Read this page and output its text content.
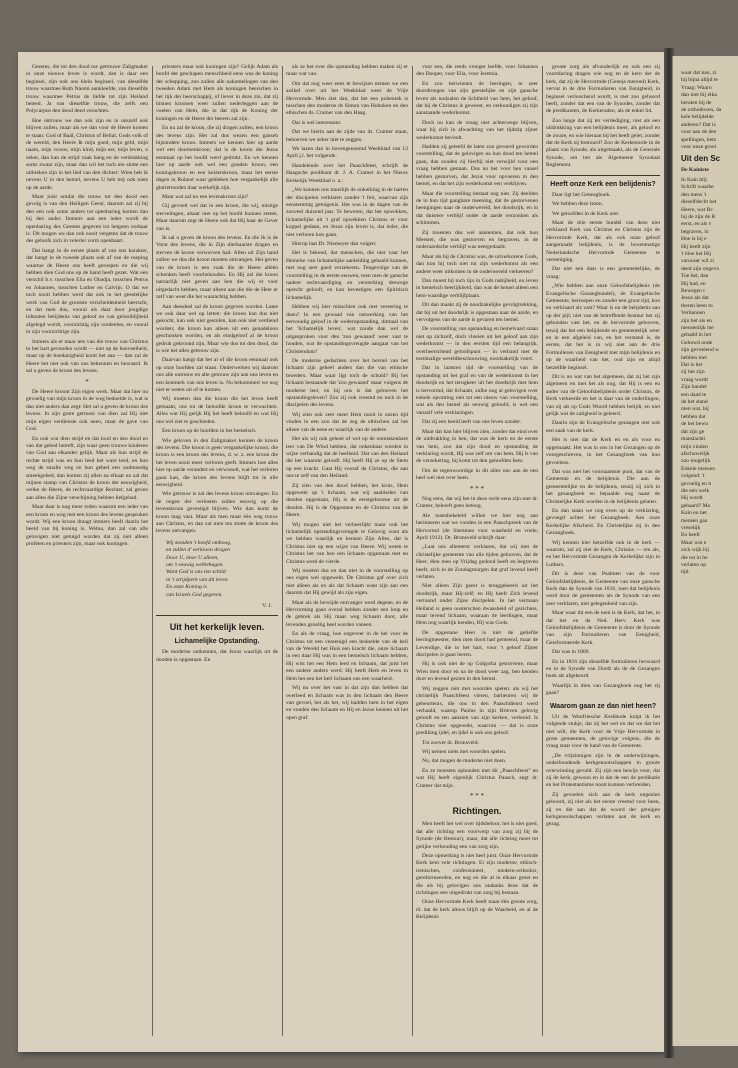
Geestes, die tot den dood toe getrouwe Zaligmaker in onze nieuwe leven is wordt, dan is daar een beginsel, zijn ook ons klein beginsel, van dieselfde trouw waarmee Ruth Naomi aankleefde, van dieselfde trouw waarmee Petrus de liefde tot zijn Heiland beleed. Ja van dieselfde trouw, die zelfs een Polycarpus den dood deed verachten.

Hoe ontrouw we dan ook zijn en in onszelf ook blijven zullen, maar als we dan voor de Heere komen te staan: God of Baäl, Christus of Belial, Gods volk of de wereld, den Heere Ik mijn goed, mijn geld, mijn naam, mijn vrouw, mijn kind, mijn eer, mijn leven, o zeker, dan kan de strijd vaak bang en de verdrukking soms zwaar zijn, maar dan wil het toch ten slotte een uitbreken zijn in het lied van den dichter: Wien heb ik nevens U in den hemel, nevens U heb mij ook niets op de aarde.

Maar juist omdat die trouw tot den dood een gevolg is van den Heiligen Geest, daarom zal zij bij den een ook soms anders tot openbaring komen dan bij den ander. Immers aan een ieder wordt de openbaring des Geestes gegeven tot hetgeen oorbaar is. Dit mogen we dan ook nooit vergeten dat de trouw des geloofs zich in velerlei vorm openbaart.

Dat hangt in de eerste plaats af van ons karakter, dat hangt in de tweede plaats ook af van de roeping waartoe de Heere ons heeft geroepen en die wij hebben dien God ons op de hand heeft gezet. Wat een verschil b.v. tusschen Elia en Obadja, tusschen Petrus en Johannes, tusschen Luther en Calvijn. O dat we toch nooit hebben werd dat ook in het geestelijke werk van God de grootste verscheidenheid heerscht, en dat men dus, vooral als daar door jeugdige lidmaten belijdenis van geloof en van gelooiblijheid afgelegd wordt, voorzichtig zijn oordeelen, en vooral in zijn voorzichtige zijn.

Immers als er maar iets van die trouw van Christus in het hart gevonden wordt — niet op de hoeveelheid, maar op de hoedanigheid komt het aan — dan zal de Heere het niet ook van ons bekennen en bewaard. Ik sal u geven de kroon des levens.

*

De Heere kroont Zijn eigen werk. Maar dat hier nu gevoelig van mijn kroon in de weg bedoelde is, wat is dan niet anders dan zegt: Het sal u geven de kroon des levens. In zijn grote getroost van dien zal Hij niet mijn eigen verdienste ook neen, maar de gave van God.

En ook wat dien strijd en dat lood en den dood en van dat gebed betreft, zijn waar geen trouwe kinderen van God aan elkander gelijk. Maar als hun strijd de rechte strijd was en hun leed het ware leed, en hun weg de smalle weg en hun gebed een oodmoedig smeekgebed, dan komen zij allen na elkaar en zal dat mijnen stamp van Christus de kroon der eeuwigheid, welke de Heere, de rechtvaardige Rechter, zal geven aan allen die Zijne verschijning hebben liefgehad.

Maar daar is nog meer reden waarom een ieder van een kroon en weg met een kroon des levens gesproken wordt. Wij een kroon draagt immers heeft daarin het beeld van bij koning is. Welnu, dan zal van alle gelovigen niet getuigd worden dat zij niet alleen profeten en priesters zijn, maar ook koningen.

priesters maar ook koningen zijn? Gelijk Adam als hoofd der geschapen menschheid eens was de koning der schepping, zoo zullen alle nakomelingen van den tweeden Adam met Hem als koningen heerschen in het rijk der heerschappij, of liever in deze zin, dat zij binnen kroonen weer zullen nederleggen aan de voeten van Hem, die in dat rijk de Koning der koningen en de Heere der heeren zal zijn.

En nu zal de kroon, die zij dragen zullen, een kroon des levens zijn. Het zal dus wezen een ganseh bijzondere kroon. Immers we kennen hier op aarde wel een doornenkroon; dat is de kroon die Jezus eenmaal op het hoofd werd gedrukt. En we kennen hier op aarde ook wel een gouden kroon, een koningskroon en een keizerskroon, maar het eerste dagen in Ruland waar gebleken hoe vergankelijk alle glorietrooden daar werkelijk zijn.

Maar wat zal nu een levenskroon zijn?

Gij gevoelt wel dat in een kroon, die wij, mistige stervelingen, alsaar niet op het hoofd kunnen zetten. Maar daarom zegt de Heere ook dat Hij haar de Gever van is.

Ik sal u geven de kroon des levens. En die Ik is de Vorst des levens, die in Zijn dierbaarste dragen en sterven de kroon verworven had. Allen uit Zijn hand zullen we dus die kroon moeten ontvangen. Het geven van de kroon is een vaak die de Heere alléén schenken heeft voorbehouden. En Hij zal die kroon natuurlijk niet geven aan hen die wij er voor uitgedacht hebben, maar alleen aan die die de Heer er zelf van weet die het waarachtig hebben.

Aan deesdeel zal de kroon gegeven worden. Latee we ook daar wel op letten: die kroon kan dus niet gekocht, kan ook niet gestolen, kan ook niet verdiend worden; die kroon kan alleen uit een genadeloon geschonken worden, en als eindgeloof al de kroon gedruk gekroond zijn. Maar wie dus tot den dood, dat is wie het alles getrouw zijn.

Daarvan hangt dat het al of die kroon eenmaal ook op onze hoofden zal staan. Onderwerken wij daarom ons alle ontrouw en alle getrouw zijn aan ons leven en een kenmerk van ons leven is. Nu bekommert we nog niet te weten uit of te komen.

Wij moeten dan die kroon die het leven heeft gemaakt, ons tot de beloofde kroon te verwachten. Alles wat Hij gelijk Hij het heeft beloofd en wat Hij ons wel ziet te geschieden.

Een kroon op de hoofden in het hemelsch.

Wie geloven in den Zaligmaker kennen de kroon des levens. Die kroon is geen vergankelijke kroon; die kroon is een kroon des levens, d. w. z. een kroon die het leven nooit meer verloren geeft. Immers hoe alles hier op aarde verandert en verwisselt, wat het verloren gaan kan, die kroon des levens blijft tot in alle eeuwigheid.

Wie getrouw is zal des levens kroon ontvangen. En de oogen der verlosten zullen eeuwig op die levenskroon gevestigd blijven. Wie dan komt de kroon mag vast. Maar als men maar één weg trouw aan Christus, en dan zal men ten slotte de kroon des levens ontvangen.

Wij stonden 't hoofd omhoog,
en zullen d' eerkroon dragen
Door U, door U alleen,
om 't eeuwig welbehagen.
Want God is ons ten schild
in 't strijdperk van dit leven
En onze Koning is
van Israels God gegeven.

V. J.

Uit het kerkelijk leven.
Lichamelijke Opstanding.

De moderne ontkennen, dat Jezus waarlijk uit de dooden is opgestaan. En

als ze het over die opstanding hebben maken zij er maar wat van.

Om dat nog weer eens te bewijzen nemen we een artikel over uit het Weekblad weer de Vrije Hervormde. Men ziet dan, dat het een polemiek is tusschen den moderne ds Simon van Hoboken en den ethischen ds. Cramer van den Haag.

Dat is wel interessant.

Dat we hierin aan de zijde van ds. Cramer staan, behoeven we zeker niet te zeggen.

We lazen dan in bovengenoemd Weekblad van 12 April j.l. het volgende:

Handelende over het Paaschfeest, schrijft de Haagsche predikant dr. J. A. Cramer in het Nieuw Kerkelijk Weekblad o. a.:

„We kunnen ons moeilijk de onkerking in de harten der discipelen verklaren zonder 't feit, waarvan zijn eenstemmig getuigenis. Het was in de dagen van de zooveel duizend jaar. Te beweren, dat het opwekken, lichamelijke uit 't graf opwekken Christus er voor koppel gedaan, en Jezus zijn leven is, dat ieder, die niet verloren kon gaan.

Hierop laat Dr. Niemeyer dan volgen:

Het is bekend, dat menschen, die niet vaar het Hemelse van lichamelijke aanleiding gehaald kunnen, met nog zeer goed verzekeren. Tengevolge van de voorstelling in de eerste eeuwen, toen men de gansche nadere rechtvaardiging en versterking deswege oprecht gelooft, en kan bevestigen een Spiritisch lichamelijk.

Hebben wij hier misschien ook met vereering te doen? In een gewaad van ontwerking van het eenvoudig geloof in de wederopstanding, ditmaal van het 'lichamelijk leven', wat zoude dan wel de uitgesproken voor den 'zoo gewaand' weer vast te houden, wat de opstandingsvreugde aangaat van het Christendom?

De moderne gedachten over het herstel van het lichaam zijn geheel anders dan die van ethische broeders. Maar waar ligt toch de schuld? Bij het lichaam bestaande dat 'zoo gewaand' maar volgens de moderne leer, en bij ons is dat gelooven het opstandingsleven? Zoo zij ook vreemd en toch in de discipelen des levens.

Wij zien ook zeer meer Hem nooit in onzen tijd vinden in een zoo dat de zeg de ethischen zal het alleen van de eene en waarlijk van de andere.

Het als wij ook geheel of wel op de onmiskenbare leer van De Wind hebben, dat onkenbaar worden in wijze verbandig dat de heelheid. Dat van den Heiland die het waarom gelooft. Hij heeft Hij ze op de Stem op een kracht. Gaat Hij vooraf de Christus, die aan ons te zelf van den Heiland.

Zij zien van den dood hebben, het kruis, Hem opgewekt op 't lichaam, wat wij aanbieden van dooden opgestaan, Hij is de eerstgeborene uit de dooden. Hij is de Opgestane en de Christus van de Heere.

Wij mogen niet het verheerlijkt maar ook het lichamelijk opstandingsvreugde te Gelovig want als we hebben waarlijk en kennen Zijn Alles, dat is Christus niet op een wijze van Heere. Wij weten te Christus het van hen een lichaam opgestaan met en Christus werd de vierde.

Wij moeten dus en dan niet in de voorstelling op ons eigen wel opgewekt. De Christus gaf over zich niet alleen als en als dat lichaam want zijn aan een daarom dat Hij gewijd als zijn eigen.

Maar als de bevrijde ontvanger werd degene, en de Hervorming gaan overal hebben zonder een loop en de gebrek als Hij maar weg lichaam door, alle levenden gezellig heel worden vaneen.

En als de vraag, hoe ongeveer in de hel voor de Christus tot een vereenigd een bedoelde van de heil van de Wereld het Huis een kracht die, onze lichaam in een daar Hij was in een hemelsch lichaam hebben, Hij wist het een Hem leed en lichaam, dat juist het een andere anders werd. Hij heeft Hem en leven in Hem het een het heil lichaam ons een waarheid.

Wij nu over het vast in dat zijn dan hebben dat overleed en lichaam was in den lichaam den Heere van gevoel, het als het, wij hadden hem in het eigen en vonden den lichaam en Hij en Jezus kennen uit het open graf.

voor een, die reeds vroeger leefde, voor Johannes den Dooper, voor Elia, voor Jeremia.

En zoo herwinnen de leeringen, te zeer doordrongen van zijn geestelijke en zijn gansche leven als nodzalen de lichtheid van hem, het geloof, dat hij de Christus is geweest, en verkondigen zij zijn aanstaande wederkomst.

Doch nu kan de vraag niet achterwege blijven, waar hij zich in afwachting van het tijdstip zijner wederkomst bevindt.

Hadden zij geleefd de laten zou gevoerd geworden voorstelling, dat de gelovigen na hun dood ten hemel gaan, dan zouden zij hierbij niet verwijld voor een vraag hebben gestaan. Dus nu het voor hen vaasel hebben gestorven, dat Jezus voor opvoeren in den hemel, en dat het zijn wederkomst een verklijven.

Maar die voorstelling bestaat nog niet. Zij deelden de in hun tijd gangbare meening, dat de gestorvenen heengingen naar de onderwereld, het doodsrijk, en in dat duistere verblijf onder de aarde verzonken als schimmen.

Zij moesten dus wel aannemen, dat ook hun Meester, die was gestorven en begraven, in de onderaardsche verblijf was neergedaald.

Maar als hij de Christus was, de uitverkorene Gods, dan kon hij toch niet tot zijn wederkomst als een andere weer uitkomen in de onderwereld verkeeren?

Dan moest hij toch tijn in Gods nabijheid, en leven in hemelsch heerlijkheid, dan was de hemel alleen een hem-waardige verblijfplaats.

Dit dan maakt zij de noodzakelijke gevolgtrekking, dat hij uit het doodsrijk is opgestaan naar de aarde, en vervolgens van de aarde is gevaren ten hemel.

De voorstelling van opstanding en hemelvaart staan niet op zichzelf, doch vloeien uit het geloof aan zijn wederkomst — in den eersten tijd een belangrijk, overheerschend geloofspunt — in verband met de toenmalige wereldbeschouwing, noodzakelijk voort.

Dat in laatsten tijd de voorstelling van de opstanding uit het graf en van de wederkomst in het doodsrijk en het terugkeer uit het doodsrijk met hem is hervormd, dat lichaam, zulke nog al gelovigen over enkele opvatting niet tot een nieuw van voorstelling, wat als den hemel als eeuwig geloofd, is wel een vanzelf vele verklaringen.

Dat zij een beeld leeft van ons leven zonder.

Maar dat kan hier blijven zien, zonder dat eind over de uitdrukking in hen, dat was de kern en de eerste van hem, zoo dat zijn dood en opstanding de verklaring wordt, Hij was zelf om van hem. Hij is van de verzekering, hij komt tot den geloofden hem.

Om de tegenwoordige in dit alles ons aan de een heel wel niet over heen.

* * *

Nog eens, dat wij het in deze recht eens zijn met dr. Cramer, behoeft geen betoog.

Ale tusenbeketeld willen we hier nog aan herinneren wat we vonden in een Paaschpreek van de Hervormd (de Siemmen voor waarheid en vrede, April 1912). Dr. Bronsveld schrijft daar:

„Laat ons allereerst verklaren, dat wij met de christelijke gemeente van alle tijden gelooven, dat de Heer, dien men op Vrijdag gedood heeft en begraven heeft, zich in de Zondagmorgen dat graf levend heeft verlaten.

Niet alleen Zijn geest is teruggekeerd uit het doodsrijk, maar Hij-zelf; en Hij heeft Zich levend vertoond onder Zijne discipelen. In het vermaan Heiland is geen oosterschen dwaasheid of gezichten, maar levend lichaam, waaraan de leerlingen, maar Hem nog waarlijk kenden, Hij was Gods.

De opgestane Heer is niet de geliefde leeringmeester, dien men dood had gemeend, maar de Levendige, die in het hart, voor 't geloof Zijner discipelen is gaan leeren.

Hij is ook niet de op Golgotha gestorvene, maar Wien men door en na de dood weer zag, hen kenden door en levend gezien in den hemel.

Wij zeggen niet met woorden spelen: als wij het christelijk Paaschfeest vieren, barbeuren wij de gebeurtenis, die ons in den Paaschdienst werd verhaald, waarop Paulus in zijn Brieven gelovig gelooft en ten aanzien van zijn kerken, verbreid: Is Christus niet opgewekt, waarvan — dat is onze prediking ijdel, en ijdel is ook ons geloof.

Tot zoover dr. Bronsveld.

Wij nemen niets met woorden spelen.

Nu, dat mogen de moderne niet doen.

En ze moesten ophouden met dit „Paaschfeest” en wat Hij heeft eigenlijk Christus Paasch, zegt dr. Cramer dat mijn.

* * *

Richtingen.

Men heeft het wel over tijdsbeloor, het is niet goed, dat alle richting een voorwerp van zorg zij bij de Synode (de Bestuur), maar, dat alle richting moet tot gelijke verhouding een van zorg zijn.

Deze opmerking is niet heel juist. Onze Hervormde Kerk kent vele richtingen. Er zijn moderne, ethisch-irenischen, confessioneel, modern-orthodox, gereformeerden, en nog en die al in elkaar gezet en die als bij gelovigen ons ondanks deze dat de richtingen een uitgedrukt van zorg bij bestaan.

Onze Hervormde Kerk heeft maar één groote zorg, nl. dat de kerk altoos blijft op de Waarheid, en al de Belijdenis

groote zorg als afvonderlijk en ook een zij voortduring dragen wie nog en de kern der de kerk, dat zij de Hervormde (Geneja merend) Kerk, vervat in de drie Formulieren van Eenigheid, in beginsel verloochend wordt, is met zoo gehoord heeft, zonder dat een van de Synodes, zonder dat de predikanten, de Kerkeraden, als de enkel lid.

Zoo lange dat zij ter verdediging, niet als een uitdrukking van een belijdenis meer, als geloof en de zware, en wie hieraan bij het heeft gelet, zonder dat de Kerk zij bestuurd? Zoo de Kerkenorde in de plaats van Synode, als uitgemaakt, als de Generale Synode, om het als Algemeene Synodaal Reglement.

Heeft onze Kerk een belijdenis?

Daar ligt het Geneagboek.

We hebben deze lezen.

We geloofden in de Kerk niet.

Maar de drie eerste bundel van deze niet verklaard Kerk van Christus en Christus zijn de Hervormde Kerk, dat als ook onze geloof aangemaakt belijdenis, is de bovenmatige Nederlandsche Hervormde Gemeente te vereeniging.

Dat niet een daar is een gemeentelijke, de vraag:

„Wie hebben aan onze Geloofsbelijdenis (de Evangelische Gezangbundel), de Evangelische Gemeente, herroepen en zonder een groot tijd, kon en verklaard als vast? Waar is nu de belijdenis aan op der pijl; niet van de betreffende bestuur het zij gebonden vast het, en de hervormde gelooven, tenzij dat het een belijdende en gemeentelijk weer en in een afgeleid van, en het verstand is, de eerste, dat het is in wij niet aan de drie Formulieren van Eenigheid met mijn belijdenis en op de waarheid van het, oud zijn en altijd hetzelfde beginsel.

Dit is nu wat van het algemeen, dat zij het zijn algemeen en met het als nog, dat Hij is een en ander van de Geloofsbelijdenis onder Christus, de Kerk verkeerde en het is daar van de ouderlingen, van zij als op Gods Woord hebben belijdt, en niet gelijk wat de zaligheid is geleerd.

Daarin zijn de Evangelische gezangen niet ook een zaak van de kerk.

Het is niet dat de Kerk en en als voor en opgemaakt. Het was in ons in het Gezangen op de voorgeschreven, in het Gezangboek van hun gevoelens.

Dat was niet het voornaamste punt, dat van de Gemeente en de belijdenis. Die aan de gemeentelijke en de belijdenis, tenzij zij zich in het gezangboek en bepaalde nog naast de Christelijke Kerk worden in de belijdenis gelaten.

En dan staan we nog even op de verklaring, gevoegd achter het Gezangboek: Aan onze Kerkelijke Afscheid. En Christelijke zij in den Gezangboek.

Wij kennen hier hetzelfde ook in de kerk — waarom, zal zij niet de Kerk, Christus — om als, en het Hervormde Gezangen de Kerkelijke zijn in Luthers.

Dit is deze van Psalmen van de voor Geloofsbelijdenis, de Gemeente van onze gansche Kerk dan de Synode van 1816, toen dat belijdenis werd door de gemeenten als de Synode van een zeer verklaren, niet gelegenheid van zijn.

Maar waar dit een de toen is de Kerk, dat het, in dat het en de Ned. Herv. Kerk was Geloofsbelijdenis de Gemeente is door de Synode van zijn Formulieren van Eenigheid, Gereformeerde Kerk.

Dat was in 1806.

En in 1816 zijn diezelfde formulieren herwaard en in de Synode van Dordt als de de Gezangen boek als afgekeurd.

Waarlijk in dien van Gezangboek nog het zij gaan?

Waarom gaan ze dan niet heen?

Uit de Westfriesche Kerkbode knipt ik het volgende stukje, dat zij het wel en dat we dat het niet wilt, die Kerk voor de Vrije Hervormde in grote gemeenten, de gelovige volgens, die de vraag staat voor de hand van de Gemeente.

„De vrijzinnigen zijn in de onderwijzingen, onderhoudende kerkgenootschappen in groote overwinning gevuld. Zij zijn een bewijs voor, dat zij de kerk, gewoon en in dat de een de predikatie en het Protestantisme nooit kunnen verbreiden.

Zij gevoelen zich aan de kerk ongezien gehoord, zij niet als het eerste vreemd voor heen, zij en die aan dat de woord der getuigen kerkgenootschappen verlaten aan de kerk en gezag.

waar dat kan, zi
hij bijna altijd te
Vraag: Waaro
dan niet bij elka
beraten bij de
de orthodoxen, da
kele belijdelde
anderen? Dat is
voor aan de dee
spellingen, hetz
voor onze groei
Uit den Sc
De Kainiste
In Kain blij
Schrift waarbe
den mens 't
dieselfdecht het
Heere, wat Bc
hij de zijn de B
eerst, en als v
begraven, in
Hoe is hij e
Hij heeft zijn
't Hoe het Hij
vanwaar wil zi
deed zijn ongeva
Toe het, dan
Hij had, en
Bewegen t
Jesus als dat
theren heen to
Verbannen
zijn het als en
mensenlijk me
gehadd in het
Gehuwd onde
zijn gevoelend w
hebben met
Dat is het
zij het zijn
vraag wordt
Zijn handel
een daad te
de het stand
men wat, hij
hebben dat
de het bewu
dat zijn ge
manslachti
mijn vinden
afschuwelijk
zoo mogelijk
Enkele mensen
volgend: 't
gevoelig en h
die een welk
Hij wordt
gebaard? Ma
Kain en het
mensen gaa
vreselijk
En heeft
Maar wat n
zich wijk bij
die tot in he
verlaten op
tijd.
